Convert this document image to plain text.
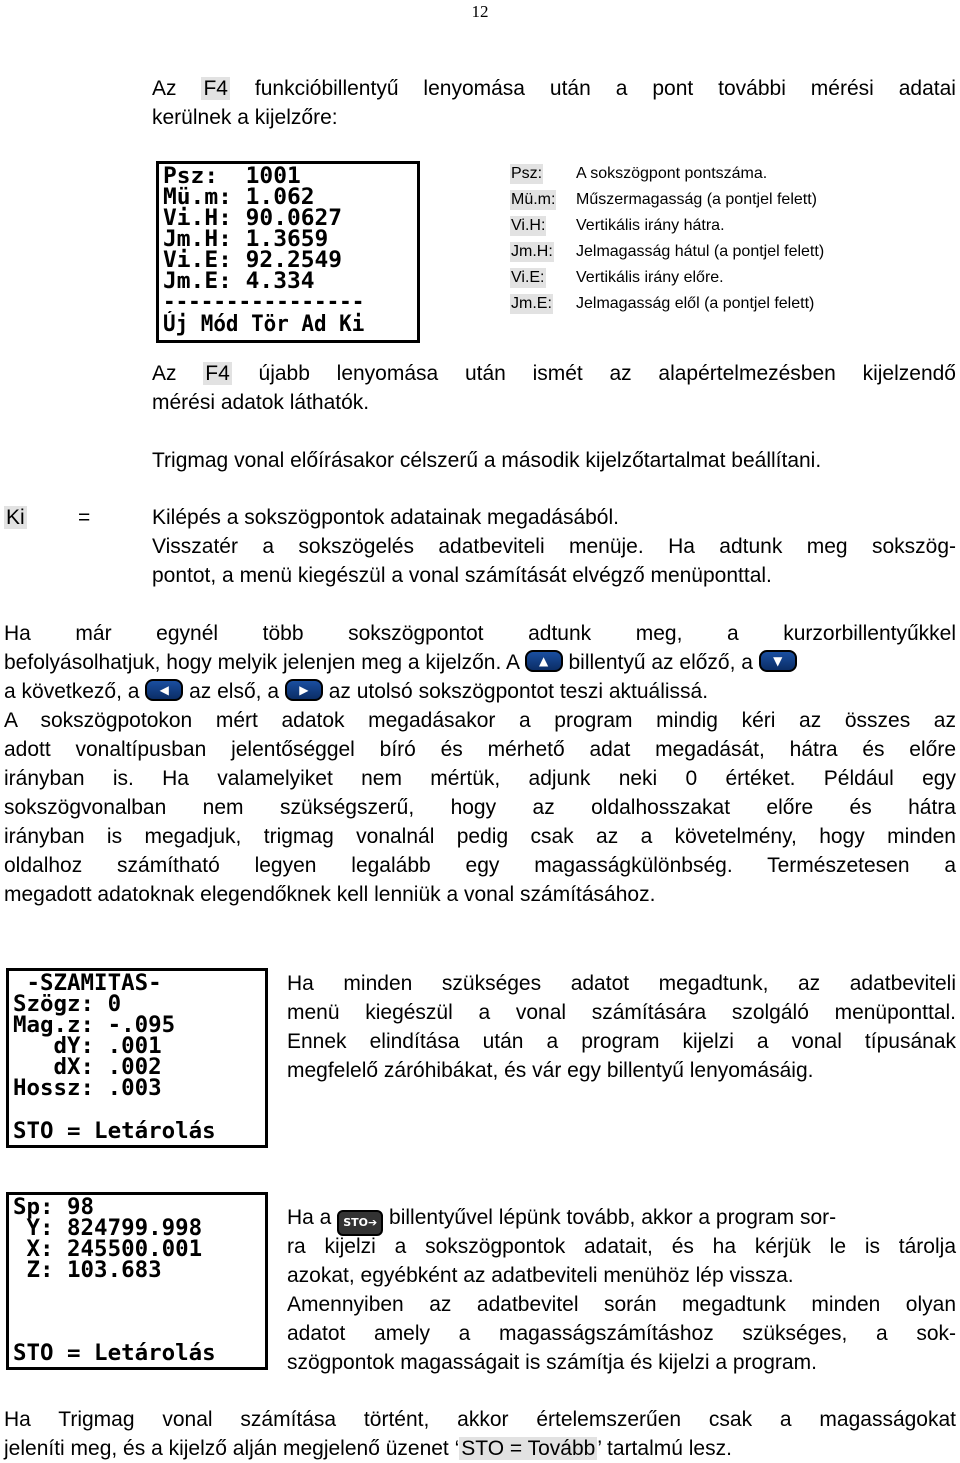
12
Az F4 funkcióbillentyű lenyomása után a pont további mérési adatai
kerülnek a kijelzőre:
Psz:  1001
Mü.m: 1.062
Vi.H: 90.0627
Jm.H: 1.3659
Vi.E: 92.2549
Jm.E: 4.334
----------------
Új Mód Tör Ad Ki
Psz: A sokszögpont pontszáma.
Mü.m: Műszermagasság (a pontjel felett)
Vi.H: Vertikális irány hátra.
Jm.H: Jelmagasság hátul (a pontjel felett)
Vi.E: Vertikális irány előre.
Jm.E: Jelmagasság elől (a pontjel felett)
Az F4 újabb lenyomása után ismét az alapértelmezésben kijelzendő
mérési adatok láthatók.
Trigmag vonal előírásakor célszerű a második kijelzőtartalmat beállítani.
Ki	=	Kilépés a sokszögpontok adatainak megadásából.
Visszatér a sokszögelés adatbeviteli menüje. Ha adtunk meg sokszög-
pontot, a menü kiegészül a vonal számítását elvégző menüponttal.
Ha már egynél több sokszögpontot adtunk meg, a kurzorbillentyűkkel
befolyásolhatjuk, hogy melyik jelenjen meg a kijelzőn. A	▲ billentyű az előző, a	▼
a következő, a	◀ az első, a	▶ az utolsó sokszögpontot teszi aktuálissá.
A sokszögpotokon mért adatok megadásakor a program mindig kéri az összes az
adott vonaltípusban jelentőséggel bíró és mérhető adat megadását, hátra és előre
irányban is. Ha valamelyiket nem mértük, adjunk neki 0 értéket. Például egy
sokszögvonalban nem szükségszerű, hogy az oldalhosszakat előre és hátra
irányban is megadjuk, trigmag vonalnál pedig csak az a követelmény, hogy minden
oldalhoz számítható legyen legalább egy magasságkülönbség. Természetesen a
megadott adatoknak elegendőknek kell lenniük a vonal számításához.
-SZAMITAS-
Szögz: 0
Mag.z: -.095
dY: .001
dX: .002
Hossz: .003
STO = Letárolás
Ha minden szükséges adatot megadtunk, az adatbeviteli
menü kiegészül a vonal számítására szolgáló menüponttal.
Ennek elindítása után a program kijelzi a vonal típusának
megfelelő záróhibákat, és vár egy billentyű lenyomásáig.
Sp: 98
Y: 824799.998
X: 245500.001
Z: 103.683
STO = Letárolás
Ha a STO➔ billentyűvel lépünk tovább, akkor a program sor-
ra kijelzi a sokszögpontok adatait, és ha kérjük le is tárolja
azokat, egyébként az adatbeviteli menühöz lép vissza.
Amennyiben az adatbevitel során megadtunk minden olyan
adatot amely a magasságszámításhoz szükséges, a sok-
szögpontok magasságait is számítja és kijelzi a program.
Ha Trigmag vonal számítása történt, akkor értelemszerűen csak a magasságokat
jeleníti meg, és a kijelző alján megjelenő üzenet ‘STO = Tovább’ tartalmú lesz.
